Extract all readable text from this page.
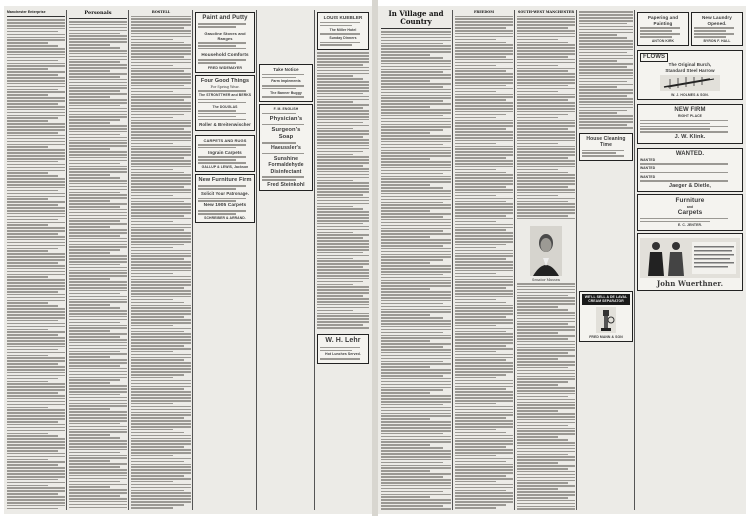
Manchester Enterprise	Personals	BOSTELL
Paint and Putty
Gasoline Stoves and Ranges
Household Comforts
FRED WIDEMAYER
Four Good Things
For Spring Wear.
The STRONTTHER and BERKS
The DOUGLAS
Roller & Breitenwischer
CARPETS AND RUGS
Ingrain Carpets
GALLUP & LEWIS, Jackson
New Furniture Firm
Solicit Your Patronage.
New 1905 Carpets
SCHREIBER & ARRAND.
Take Notice
Farm Implements
The Banner Buggy
F. M. ENGLISH
Physician's
Surgeon's
Soap
Haeussler's
Sunshine
Formaldehyde
Disinfectant
Fred Steinkohl
LOUIS KUEBLER
The Miller Hotel
Sunday Dinners
W. H. Lehr
Hot Lunches Served.
In Village and Country
FREEDOM	SOUTH-WEST MANCHESTER
Senator Mussen
House Cleaning Time
WE'LL SELL A DE LAVAL CREAM SEPARATOR
FRED MANN & SON
Papering and Painting
ANTON KIRK
New Laundry Opened.
BYRON F. HALL
FLOWS
The Original Burch,
Standard Steel Harrow
W. J. HOLMES & SON.
NEW FIRM
RIGHT PLACE
J. W. Klink.
WANTED.
WANTED
WANTED
WANTED
Jaeger & Dietle,
Furniture
and
Carpets
E. C. JENTER.
John Wuerthner.
